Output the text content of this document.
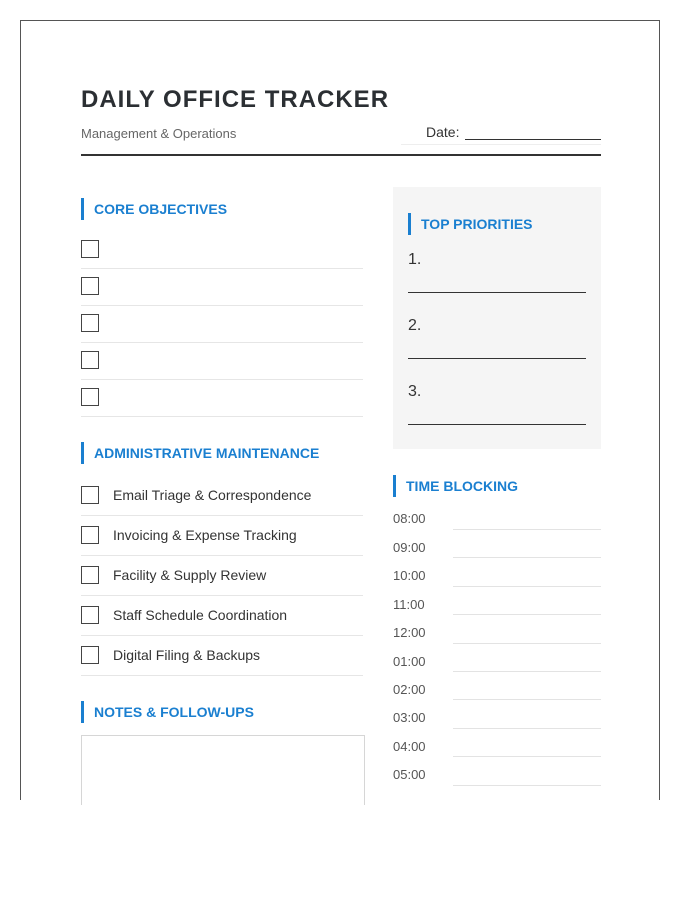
DAILY OFFICE TRACKER
Management & Operations	Date:
CORE OBJECTIVES
ADMINISTRATIVE MAINTENANCE
Email Triage & Correspondence
Invoicing & Expense Tracking
Facility & Supply Review
Staff Schedule Coordination
Digital Filing & Backups
NOTES & FOLLOW-UPS
TOP PRIORITIES
1.
2.
3.
TIME BLOCKING
08:00
09:00
10:00
11:00
12:00
01:00
02:00
03:00
04:00
05:00
